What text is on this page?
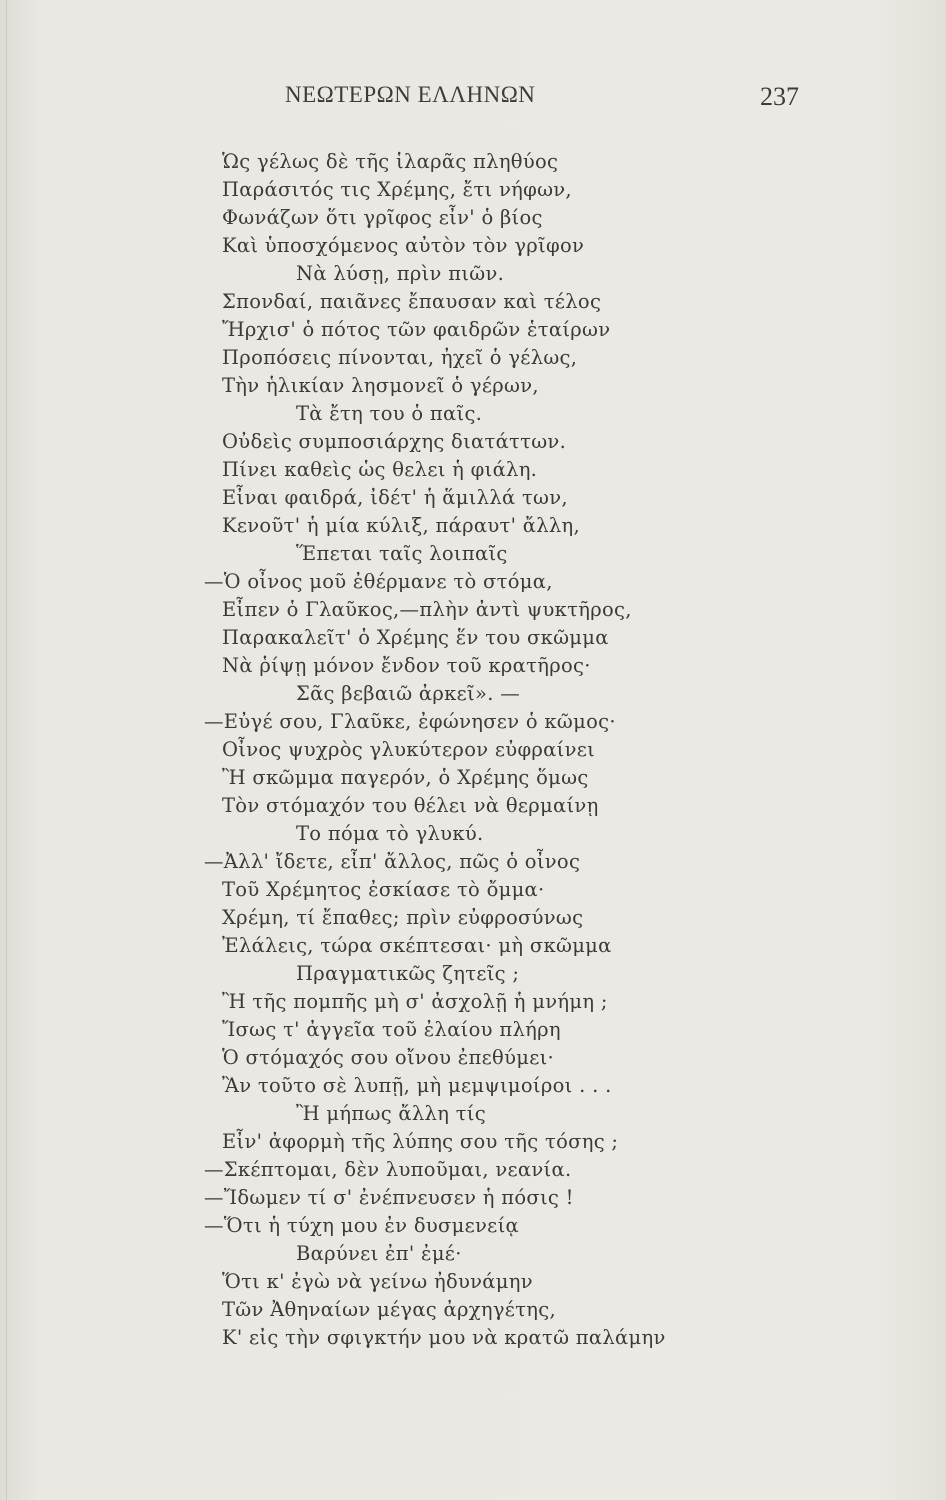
ΝΕΩΤΕΡΩΝ ΕΛΛΗΝΩΝ	237
Ὡς γέλως δὲ τῆς ἱλαρᾶς πληθύος
Παράσιτός τις Χρέμης, ἔτι νήφων,
Φωνάζων ὅτι γρῖφος εἶν' ὁ βίος
Καὶ ὑποσχόμενος αὐτὸν τὸν γρῖφον
Νὰ λύσῃ, πρὶν πιῶν.
Σπονδαί, παιᾶνες ἔπαυσαν καὶ τέλος
Ἤρχισ' ὁ πότος τῶν φαιδρῶν ἑταίρων
Προπόσεις πίνονται, ἠχεῖ ὁ γέλως,
Τὴν ἡλικίαν λησμονεῖ ὁ γέρων,
Τὰ ἔτη του ὁ παῖς.
Οὐδεὶς συμποσιάρχης διατάττων.
Πίνει καθεὶς ὡς θελει ἡ φιάλη.
Εἶναι φαιδρά, ἰδέτ' ἡ ἅμιλλά των,
Κενοῦτ' ἡ μία κύλιξ, πάραυτ' ἄλλη,
Ἕπεται ταῖς λοιπαῖς
—Ὁ οἶνος μοῦ ἐθέρμανε τὸ στόμα,
Εἶπεν ὁ Γλαῦκος,—πλὴν ἀντὶ ψυκτῆρος,
Παρακαλεῖτ' ὁ Χρέμης ἕν του σκῶμμα
Νὰ ῥίψῃ μόνον ἔνδον τοῦ κρατῆρος·
Σᾶς βεβαιῶ ἀρκεῖ». —
—Εὐγέ σου, Γλαῦκε, ἐφώνησεν ὁ κῶμος·
Οἶνος ψυχρὸς γλυκύτερον εὐφραίνει
Ἢ σκῶμμα παγερόν, ὁ Χρέμης ὅμως
Τὸν στόμαχόν του θέλει νὰ θερμαίνῃ
Το πόμα τὸ γλυκύ.
—Ἀλλ' ἴδετε, εἶπ' ἄλλος, πῶς ὁ οἶνος
Τοῦ Χρέμητος ἐσκίασε τὸ ὄμμα·
Χρέμη, τί ἔπαθες; πρὶν εὐφροσύνως
Ἐλάλεις, τώρα σκέπτεσαι· μὴ σκῶμμα
Πραγματικῶς ζητεῖς ;
Ἢ τῆς πομπῆς μὴ σ' ἀσχολῇ ἡ μνήμη ;
Ἴσως τ' ἀγγεῖα τοῦ ἐλαίου πλήρη
Ὁ στόμαχός σου οἴνου ἐπεθύμει·
Ἂν τοῦτο σὲ λυπῇ, μὴ μεμψιμοίροι . . .
Ἢ μήπως ἄλλη τίς
Εἶν' ἀφορμὴ τῆς λύπης σου τῆς τόσης ;
—Σκέπτομαι, δὲν λυποῦμαι, νεανία.
—Ἴδωμεν τί σ' ἐνέπνευσεν ἡ πόσις !
—Ὅτι ἡ τύχη μου ἐν δυσμενείᾳ
Βαρύνει ἐπ' ἐμέ·
Ὅτι κ' ἐγὼ νὰ γείνω ἠδυνάμην
Τῶν Ἀθηναίων μέγας ἀρχηγέτης,
Κ' εἰς τὴν σφιγκτήν μου νὰ κρατῶ παλάμην
